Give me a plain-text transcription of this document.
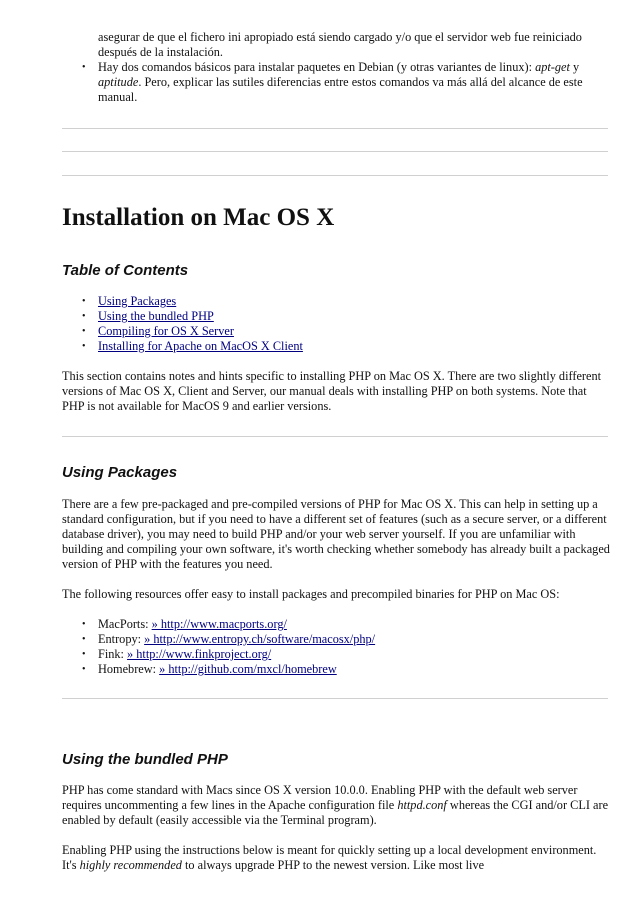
asegurar de que el fichero ini apropiado está siendo cargado y/o que el servidor web fue reiniciado después de la instalación.
• Hay dos comandos básicos para instalar paquetes en Debian (y otras variantes de linux): apt-get y aptitude. Pero, explicar las sutiles diferencias entre estos comandos va más allá del alcance de este manual.
Installation on Mac OS X
Table of Contents
• Using Packages
• Using the bundled PHP
• Compiling for OS X Server
• Installing for Apache on MacOS X Client

This section contains notes and hints specific to installing PHP on Mac OS X. There are two slightly different versions of Mac OS X, Client and Server, our manual deals with installing PHP on both systems. Note that PHP is not available for MacOS 9 and earlier versions.

Using Packages

There are a few pre-packaged and pre-compiled versions of PHP for Mac OS X. This can help in setting up a standard configuration, but if you need to have a different set of features (such as a secure server, or a different database driver), you may need to build PHP and/or your web server yourself. If you are unfamiliar with building and compiling your own software, it's worth checking whether somebody has already built a packaged version of PHP with the features you need.

The following resources offer easy to install packages and precompiled binaries for PHP on Mac OS:

• MacPorts: » http://www.macports.org/
• Entropy: » http://www.entropy.ch/software/macosx/php/
• Fink: » http://www.finkproject.org/
• Homebrew: » http://github.com/mxcl/homebrew
Using the bundled PHP

PHP has come standard with Macs since OS X version 10.0.0. Enabling PHP with the default web server requires uncommenting a few lines in the Apache configuration file httpd.conf whereas the CGI and/or CLI are enabled by default (easily accessible via the Terminal program).

Enabling PHP using the instructions below is meant for quickly setting up a local development environment. It's highly recommended to always upgrade PHP to the newest version. Like most live
